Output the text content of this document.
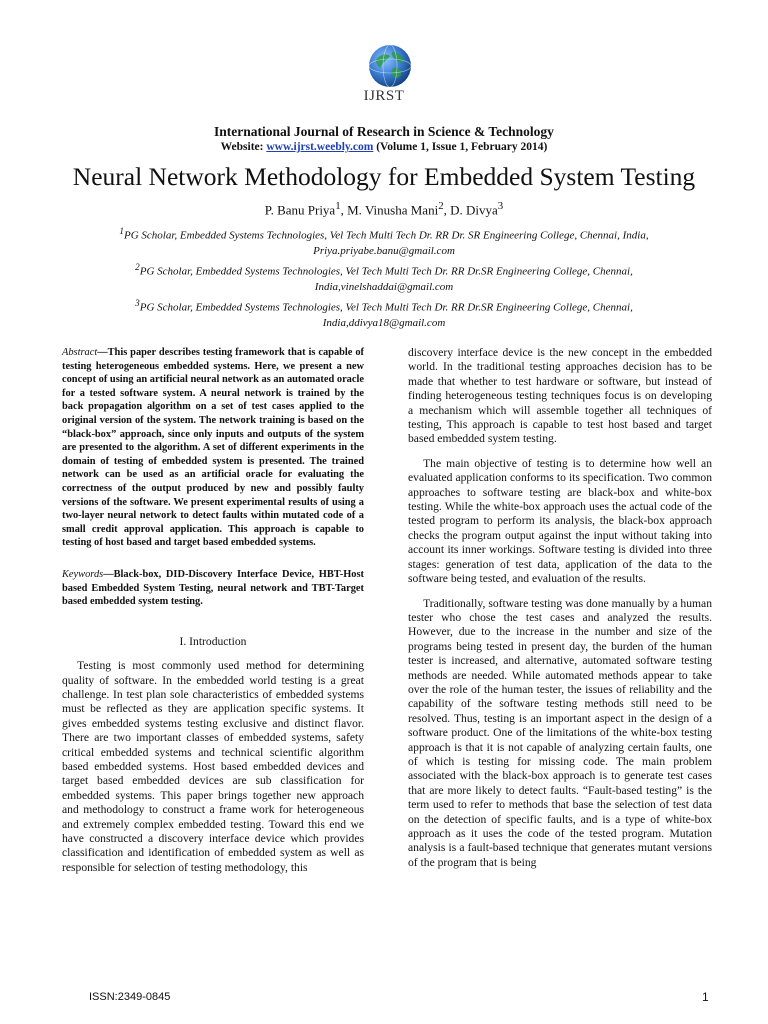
IJRST
International Journal of Research in Science & Technology
Website: www.ijrst.weebly.com (Volume 1, Issue 1, February 2014)
Neural Network Methodology for Embedded System Testing
P. Banu Priya$^1$, M. Vinusha Mani$^2$, D. Divya$^3$
$^1$PG Scholar, Embedded Systems Technologies, Vel Tech Multi Tech Dr. RR Dr. SR Engineering College, Chennai, India,
Priya.priyabe.banu@gmail.com
$^2$PG Scholar, Embedded Systems Technologies, Vel Tech Multi Tech Dr. RR Dr.SR Engineering College, Chennai,
India,vinelshaddai@gmail.com
$^3$PG Scholar, Embedded Systems Technologies, Vel Tech Multi Tech Dr. RR Dr.SR Engineering College, Chennai,
India,ddivya18@gmail.com

Abstract—This paper describes testing framework that is capable of testing heterogeneous embedded systems. Here, we present a new concept of using an artificial neural network as an automated oracle for a tested software system. A neural network is trained by the back propagation algorithm on a set of test cases applied to the original version of the system. The network training is based on the “black-box” approach, since only inputs and outputs of the system are presented to the algorithm. A set of different experiments in the domain of testing of embedded system is presented. The trained network can be used as an artificial oracle for evaluating the correctness of the output produced by new and possibly faulty versions of the software. We present experimental results of using a two-layer neural network to detect faults within mutated code of a small credit approval application. This approach is capable to testing of host based and target based embedded systems.

Keywords—Black-box, DID-Discovery Interface Device, HBT-Host based Embedded System Testing, neural network and TBT-Target based embedded system testing.

I. Introduction

Testing is most commonly used method for determining quality of software. In the embedded world testing is a great challenge. In test plan sole characteristics of embedded systems must be reflected as they are application specific systems. It gives embedded systems testing exclusive and distinct flavor. There are two important classes of embedded systems, safety critical embedded systems and technical scientific algorithm based embedded systems. Host based embedded devices and target based embedded devices are sub classification for embedded systems. This paper brings together new approach and methodology to construct a frame work for heterogeneous and extremely complex embedded testing. Toward this end we have constructed a discovery interface device which provides classification and identification of embedded system as well as responsible for selection of testing methodology, this

discovery interface device is the new concept in the embedded world. In the traditional testing approaches decision has to be made that whether to test hardware or software, but instead of finding heterogeneous testing techniques focus is on developing a mechanism which will assemble together all techniques of testing, This approach is capable to test host based and target based embedded system testing.

The main objective of testing is to determine how well an evaluated application conforms to its specification. Two common approaches to software testing are black-box and white-box testing. While the white-box approach uses the actual code of the tested program to perform its analysis, the black-box approach checks the program output against the input without taking into account its inner workings. Software testing is divided into three stages: generation of test data, application of the data to the software being tested, and evaluation of the results.

Traditionally, software testing was done manually by a human tester who chose the test cases and analyzed the results. However, due to the increase in the number and size of the programs being tested in present day, the burden of the human tester is increased, and alternative, automated software testing methods are needed. While automated methods appear to take over the role of the human tester, the issues of reliability and the capability of the software testing methods still need to be resolved. Thus, testing is an important aspect in the design of a software product. One of the limitations of the white-box testing approach is that it is not capable of analyzing certain faults, one of which is testing for missing code. The main problem associated with the black-box approach is to generate test cases that are more likely to detect faults. “Fault-based testing” is the term used to refer to methods that base the selection of test data on the detection of specific faults, and is a type of white-box approach as it uses the code of the tested program. Mutation analysis is a fault-based technique that generates mutant versions of the program that is being

ISSN:2349-0845	1
